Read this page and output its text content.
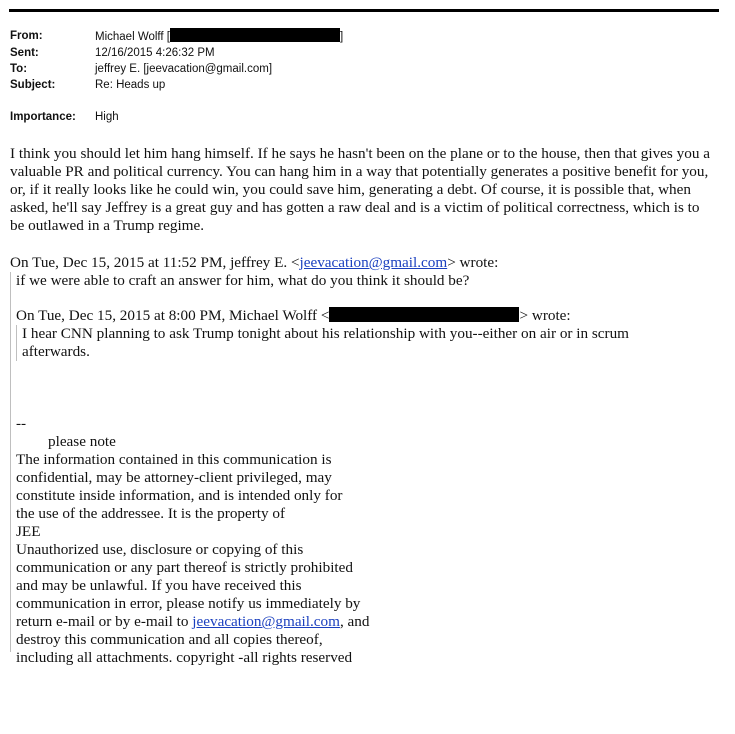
From:	Michael Wolff [	]
Sent:	12/16/2015 4:26:32 PM
To:	jeffrey E. [jeevacation@gmail.com]
Subject:	Re: Heads up
Importance: High

I think you should let him hang himself. If he says he hasn't been on the plane or to the house, then that gives you a valuable PR and political currency. You can hang him in a way that potentially generates a positive benefit for you, or, if it really looks like he could win, you could save him, generating a debt. Of course, it is possible that, when asked, he'll say Jeffrey is a great guy and has gotten a raw deal and is a victim of political correctness, which is to be outlawed in a Trump regime.

On Tue, Dec 15, 2015 at 11:52 PM, jeffrey E. <jeevacation@gmail.com> wrote:
if we were able to craft an answer for him, what do you think it should be?
On Tue, Dec 15, 2015 at 8:00 PM, Michael Wolff <	> wrote:
I hear CNN planning to ask Trump tonight about his relationship with you--either on air or in scrum
afterwards.
--
please note
The information contained in this communication is
confidential, may be attorney-client privileged, may
constitute inside information, and is intended only for
the use of the addressee. It is the property of
JEE
Unauthorized use, disclosure or copying of this
communication or any part thereof is strictly prohibited
and may be unlawful. If you have received this
communication in error, please notify us immediately by
return e-mail or by e-mail to jeevacation@gmail.com, and
destroy this communication and all copies thereof,
including all attachments. copyright -all rights reserved
